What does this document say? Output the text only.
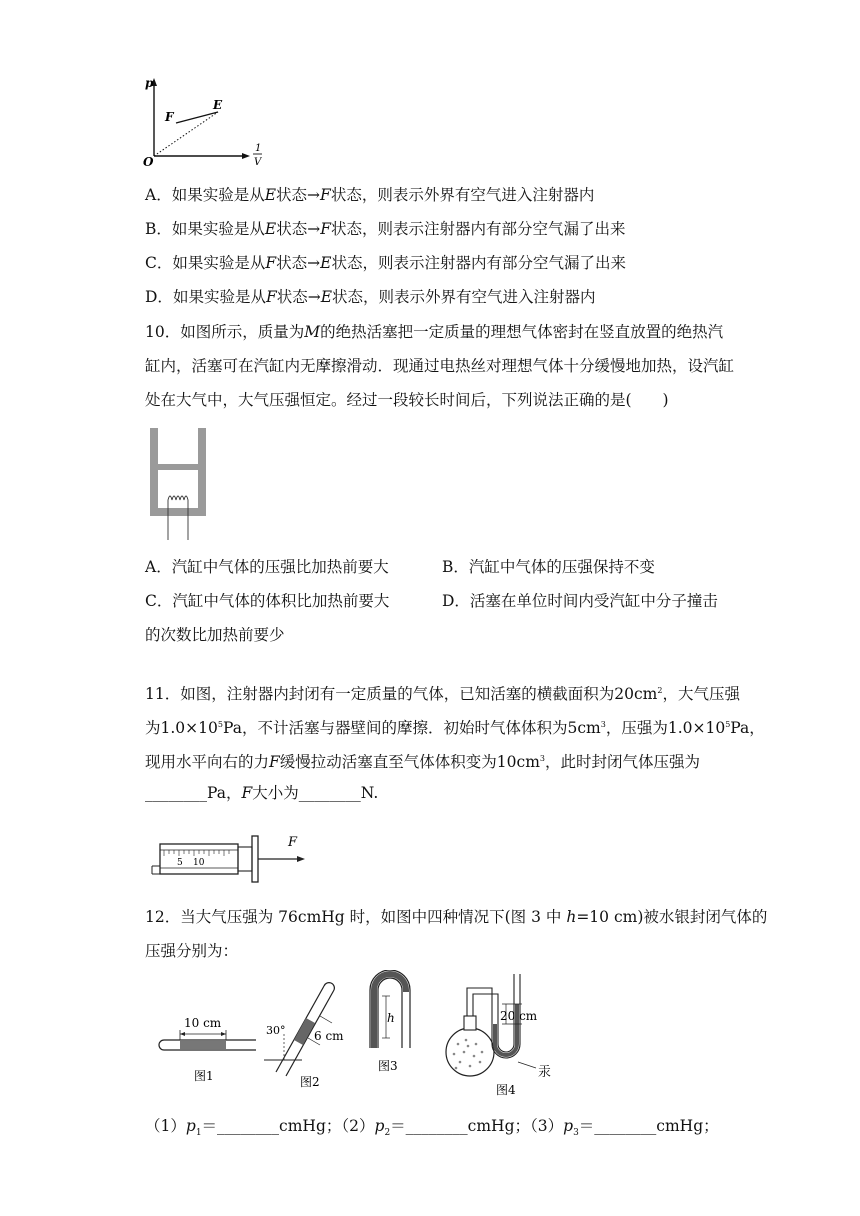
p
O
F
E
1
V
A．如果实验是从E状态→F状态，则表示外界有空气进入注射器内
B．如果实验是从E状态→F状态，则表示注射器内有部分空气漏了出来
C．如果实验是从F状态→E状态，则表示注射器内有部分空气漏了出来
D．如果实验是从F状态→E状态，则表示外界有空气进入注射器内
10．如图所示，质量为M的绝热活塞把一定质量的理想气体密封在竖直放置的绝热汽
缸内，活塞可在汽缸内无摩擦滑动．现通过电热丝对理想气体十分缓慢地加热，设汽缸
处在大气中，大气压强恒定。经过一段较长时间后，下列说法正确的是(　　)
A．汽缸中气体的压强比加热前要大	B．汽缸中气体的压强保持不变
C．汽缸中气体的体积比加热前要大	D．活塞在单位时间内受汽缸中分子撞击
的次数比加热前要少
11．如图，注射器内封闭有一定质量的气体，已知活塞的横截面积为$20cm^2$，大气压强
为$1.0\times 10^5Pa$，不计活塞与器壁间的摩擦．初始时气体体积为$5cm^3$，压强为$1.0\times 10^5Pa$，
现用水平向右的力F缓慢拉动活塞直至气体体积变为$10cm^3$，此时封闭气体压强为
________Pa，F大小为________N.
5 10
F
12．当大气压强为 76cmHg 时，如图中四种情况下(图 3 中 h=10 cm)被水银封闭气体的
压强分别为：
10 cm
图1
30° 6 cm
图2
h
图3
20 cm
汞
图4
$(1)p_1=\_\_\_\_\_\_\_\_cmHg$；$(2)p_2=\_\_\_\_\_\_\_\_cmHg$；$(3)p_3=\_\_\_\_\_\_\_\_cmHg$；
